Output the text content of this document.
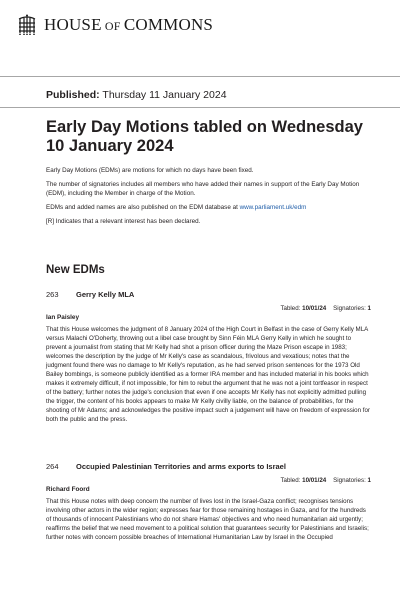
HOUSE OF COMMONS
Published: Thursday 11 January 2024
Early Day Motions tabled on Wednesday 10 January 2024

Early Day Motions (EDMs) are motions for which no days have been fixed.

The number of signatories includes all members who have added their names in support of the Early Day Motion (EDM), including the Member in charge of the Motion.

EDMs and added names are also published on the EDM database at www.parliament.uk/edm

[R] Indicates that a relevant interest has been declared.

New EDMs
263	Gerry Kelly MLA
Tabled: 10/01/24 Signatories: 1
Ian Paisley
That this House welcomes the judgment of 8 January 2024 of the High Court in Belfast in the case of Gerry Kelly MLA versus Malachi O'Doherty, throwing out a libel case brought by Sinn Féin MLA Gerry Kelly in which he sought to prevent a journalist from stating that Mr Kelly had shot a prison officer during the Maze Prison escape in 1983; welcomes the description by the judge of Mr Kelly's case as scandalous, frivolous and vexatious; notes that the judgment found there was no damage to Mr Kelly's reputation, as he had served prison sentences for the 1973 Old Bailey bombings, is someone publicly identified as a former IRA member and has included material in his books which makes it extremely difficult, if not impossible, for him to rebut the argument that he was not a joint tortfeasor in respect of the battery; further notes the judge's conclusion that even if one accepts Mr Kelly has not explicitly admitted pulling the trigger, the content of his books appears to make Mr Kelly civilly liable, on the balance of probabilities, for the shooting of Mr Adams; and acknowledges the positive impact such a judgement will have on freedom of expression for both the public and the press.
264	Occupied Palestinian Territories and arms exports to Israel
Tabled: 10/01/24 Signatories: 1
Richard Foord
That this House notes with deep concern the number of lives lost in the Israel-Gaza conflict; recognises tensions involving other actors in the wider region; expresses fear for those remaining hostages in Gaza, and for the hundreds of thousands of innocent Palestinians who do not share Hamas' objectives and who need humanitarian aid urgently; reaffirms the belief that we need movement to a political solution that guarantees security for Palestinians and Israelis; further notes with concern possible breaches of International Humanitarian Law by Israel in the Occupied
